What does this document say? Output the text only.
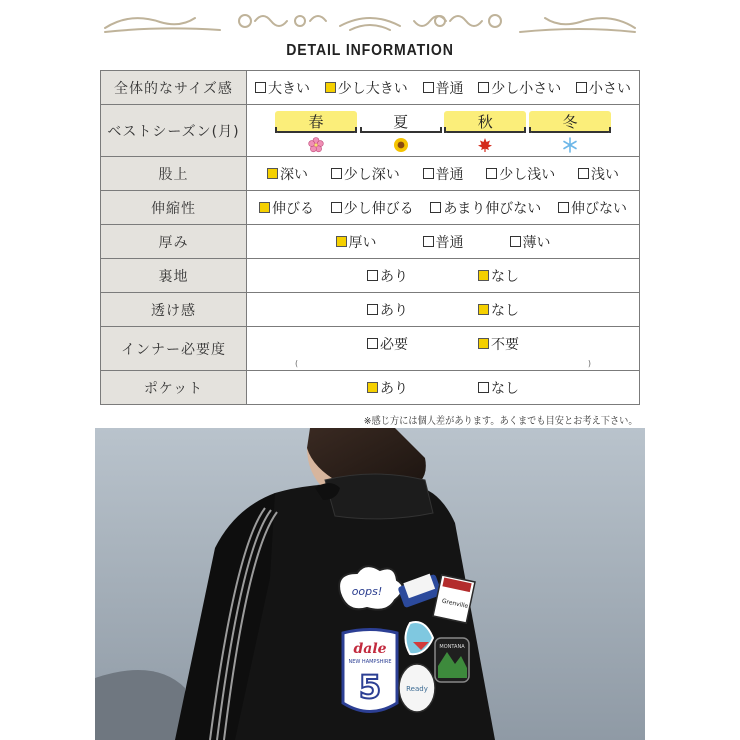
DETAIL INFORMATION
全体的なサイズ感	大きい 少し大きい 普通 少し小さい 小さい

ベストシーズン(月)	春 夏 秋 冬

股上	深い 少し深い 普通 少し浅い 浅い

伸縮性	伸びる 少し伸びる あまり伸びない 伸びない

厚み	厚い 普通 薄い

裏地	あり なし

透け感	あり なし

インナー必要度	必要 不要
( )

ポケット	あり なし
※感じ方には個人差があります。あくまでも目安とお考え下さい。
oops!
Grenville
MONTANA
dale
NEW HAMPSHIRE
5	Ready
